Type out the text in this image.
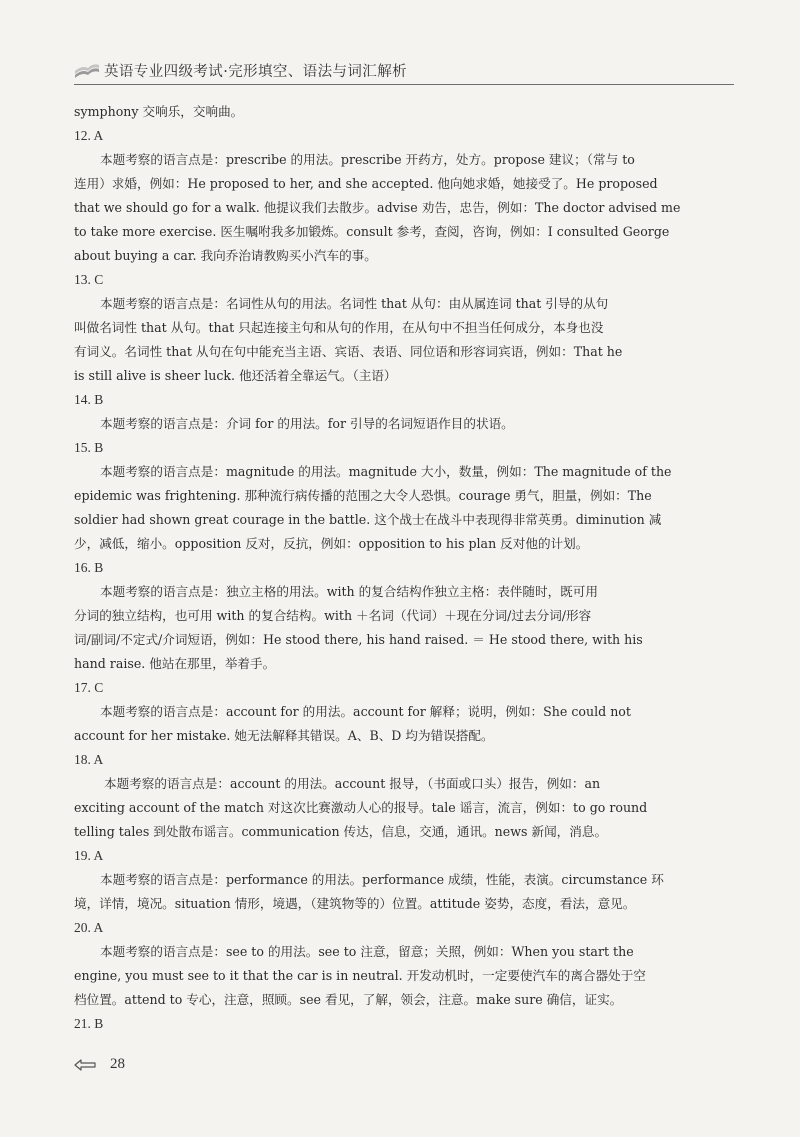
英语专业四级考试·完形填空、语法与词汇解析
symphony 交响乐，交响曲。
12. A
本题考察的语言点是：prescribe 的用法。prescribe 开药方，处方。propose 建议；（常与 to
连用）求婚，例如：He proposed to her, and she accepted. 他向她求婚，她接受了。He proposed
that we should go for a walk. 他提议我们去散步。advise 劝告，忠告，例如：The doctor advised me
to take more exercise. 医生嘱咐我多加锻炼。consult 参考，查阅，咨询，例如：I consulted George
about buying a car. 我向乔治请教购买小汽车的事。
13. C
本题考察的语言点是：名词性从句的用法。名词性 that 从句：由从属连词 that 引导的从句
叫做名词性 that 从句。that 只起连接主句和从句的作用，在从句中不担当任何成分，本身也没
有词义。名词性 that 从句在句中能充当主语、宾语、表语、同位语和形容词宾语，例如：That he
is still alive is sheer luck. 他还活着全靠运气。（主语）
14. B
本题考察的语言点是：介词 for 的用法。for 引导的名词短语作目的状语。
15. B
本题考察的语言点是：magnitude 的用法。magnitude 大小，数量，例如：The magnitude of the
epidemic was frightening. 那种流行病传播的范围之大令人恐惧。courage 勇气，胆量，例如：The
soldier had shown great courage in the battle. 这个战士在战斗中表现得非常英勇。diminution 减
少，减低，缩小。opposition 反对，反抗，例如：opposition to his plan 反对他的计划。
16. B
本题考察的语言点是：独立主格的用法。with 的复合结构作独立主格：表伴随时，既可用
分词的独立结构，也可用 with 的复合结构。with ＋名词（代词）＋现在分词/过去分词/形容
词/副词/不定式/介词短语，例如：He stood there, his hand raised. ＝ He stood there, with his
hand raise. 他站在那里，举着手。
17. C
本题考察的语言点是：account for 的用法。account for 解释；说明，例如：She could not
account for her mistake. 她无法解释其错误。A、B、D 均为错误搭配。
18. A
本题考察的语言点是：account 的用法。account 报导，（书面或口头）报告，例如：an
exciting account of the match 对这次比赛激动人心的报导。tale 谣言，流言，例如：to go round
telling tales 到处散布谣言。communication 传达，信息，交通，通讯。news 新闻，消息。
19. A
本题考察的语言点是：performance 的用法。performance 成绩，性能，表演。circumstance 环
境，详情，境况。situation 情形，境遇，（建筑物等的）位置。attitude 姿势，态度，看法，意见。
20. A
本题考察的语言点是：see to 的用法。see to 注意，留意；关照，例如：When you start the
engine, you must see to it that the car is in neutral. 开发动机时，一定要使汽车的离合器处于空
档位置。attend to 专心，注意，照顾。see 看见，了解，领会，注意。make sure 确信，证实。
21. B
28
